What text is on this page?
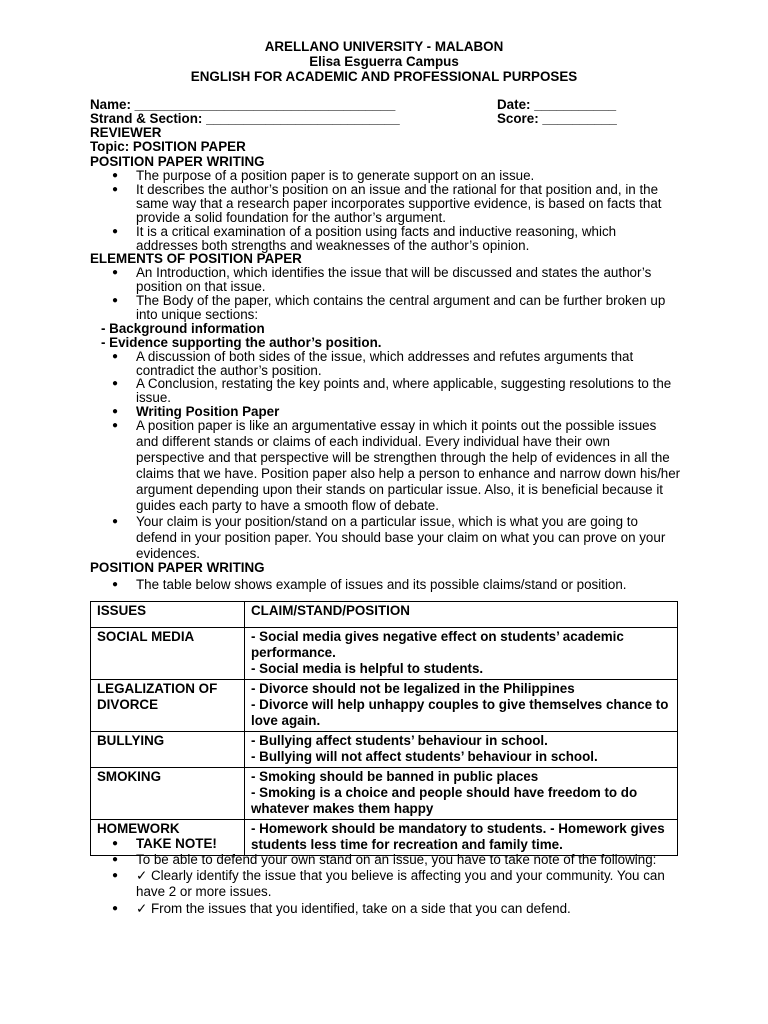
ARELLANO UNIVERSITY - MALABON
Elisa Esguerra Campus
ENGLISH FOR ACADEMIC AND PROFESSIONAL PURPOSES
Name: ___________________________________	Date: ___________
Strand & Section: __________________________	Score: __________
REVIEWER
Topic: POSITION PAPER
POSITION PAPER WRITING
● The purpose of a position paper is to generate support on an issue.
● It describes the author’s position on an issue and the rational for that position and, in the same way that a research paper incorporates supportive evidence, is based on facts that provide a solid foundation for the author’s argument.
● It is a critical examination of a position using facts and inductive reasoning, which addresses both strengths and weaknesses of the author’s opinion.
ELEMENTS OF POSITION PAPER
● An Introduction, which identifies the issue that will be discussed and states the author’s position on that issue.
● The Body of the paper, which contains the central argument and can be further broken up into unique sections:
- Background information
- Evidence supporting the author’s position.
● A discussion of both sides of the issue, which addresses and refutes arguments that contradict the author’s position.
● A Conclusion, restating the key points and, where applicable, suggesting resolutions to the issue.
● Writing Position Paper
● A position paper is like an argumentative essay in which it points out the possible issues and different stands or claims of each individual. Every individual have their own perspective and that perspective will be strengthen through the help of evidences in all the claims that we have. Position paper also help a person to enhance and narrow down his/her argument depending upon their stands on particular issue. Also, it is beneficial because it guides each party to have a smooth flow of debate.
● Your claim is your position/stand on a particular issue, which is what you are going to defend in your position paper. You should base your claim on what you can prove on your evidences.
POSITION PAPER WRITING
● The table below shows example of issues and its possible claims/stand or position.
ISSUES	CLAIM/STAND/POSITION
SOCIAL MEDIA	- Social media gives negative effect on students’ academic performance.
- Social media is helpful to students.

LEGALIZATION OF DIVORCE	- Divorce should not be legalized in the Philippines
- Divorce will help unhappy couples to give themselves chance to love again.

BULLYING	- Bullying affect students’ behaviour in school.
- Bullying will not affect students’ behaviour in school.

SMOKING	- Smoking should be banned in public places
- Smoking is a choice and people should have freedom to do whatever makes them happy

HOMEWORK	- Homework should be mandatory to students. - Homework gives students less time for recreation and family time.
● TAKE NOTE!
● To be able to defend your own stand on an issue, you have to take note of the following:
● ✓ Clearly identify the issue that you believe is affecting you and your community. You can have 2 or more issues.
● ✓ From the issues that you identified, take on a side that you can defend.
